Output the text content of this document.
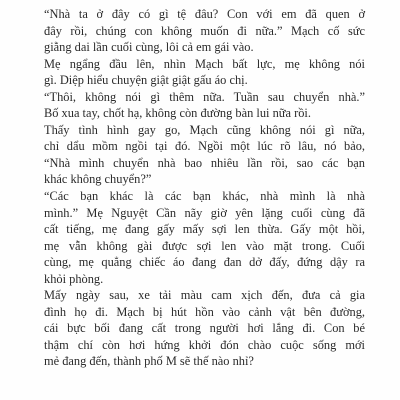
“Nhà ta ở đây có gì tệ đâu? Con với em đã quen ở
đây rồi, chúng con không muốn đi nữa.” Mạch cố sức
giằng dai lần cuối cùng, lôi cả em gái vào.

Mẹ ngẩng đầu lên, nhìn Mạch bất lực, mẹ không nói
gì. Diệp hiểu chuyện giật giật gấu áo chị.

“Thôi, không nói gì thêm nữa. Tuần sau chuyển nhà.”
Bố xua tay, chốt hạ, không còn đường bàn lui nữa rồi.

Thấy tình hình gay go, Mạch cũng không nói gì nữa,
chỉ dẩu mồm ngồi tại đó. Ngồi một lúc rõ lâu, nó bảo,
“Nhà mình chuyển nhà bao nhiêu lần rồi, sao các bạn
khác không chuyển?”

“Các bạn khác là các bạn khác, nhà mình là nhà
mình.” Mẹ Nguyệt Cần nãy giờ yên lặng cuối cùng đã
cất tiếng, mẹ đang gấy mấy sợi len thừa. Gấy một hồi,
mẹ vẫn không gài được sợi len vào mặt trong. Cuối
cùng, mẹ quẳng chiếc áo đang đan dở đấy, đứng dậy ra
khỏi phòng.

Mấy ngày sau, xe tải màu cam xịch đến, đưa cả gia
đình họ đi. Mạch bị hút hồn vào cảnh vật bên đường,
cái bực bối đang cất trong người hơi lắng đi. Con bé
thậm chí còn hơi hứng khởi đón chào cuộc sống mới
mẻ đang đến, thành phố M sẽ thế nào nhỉ?
